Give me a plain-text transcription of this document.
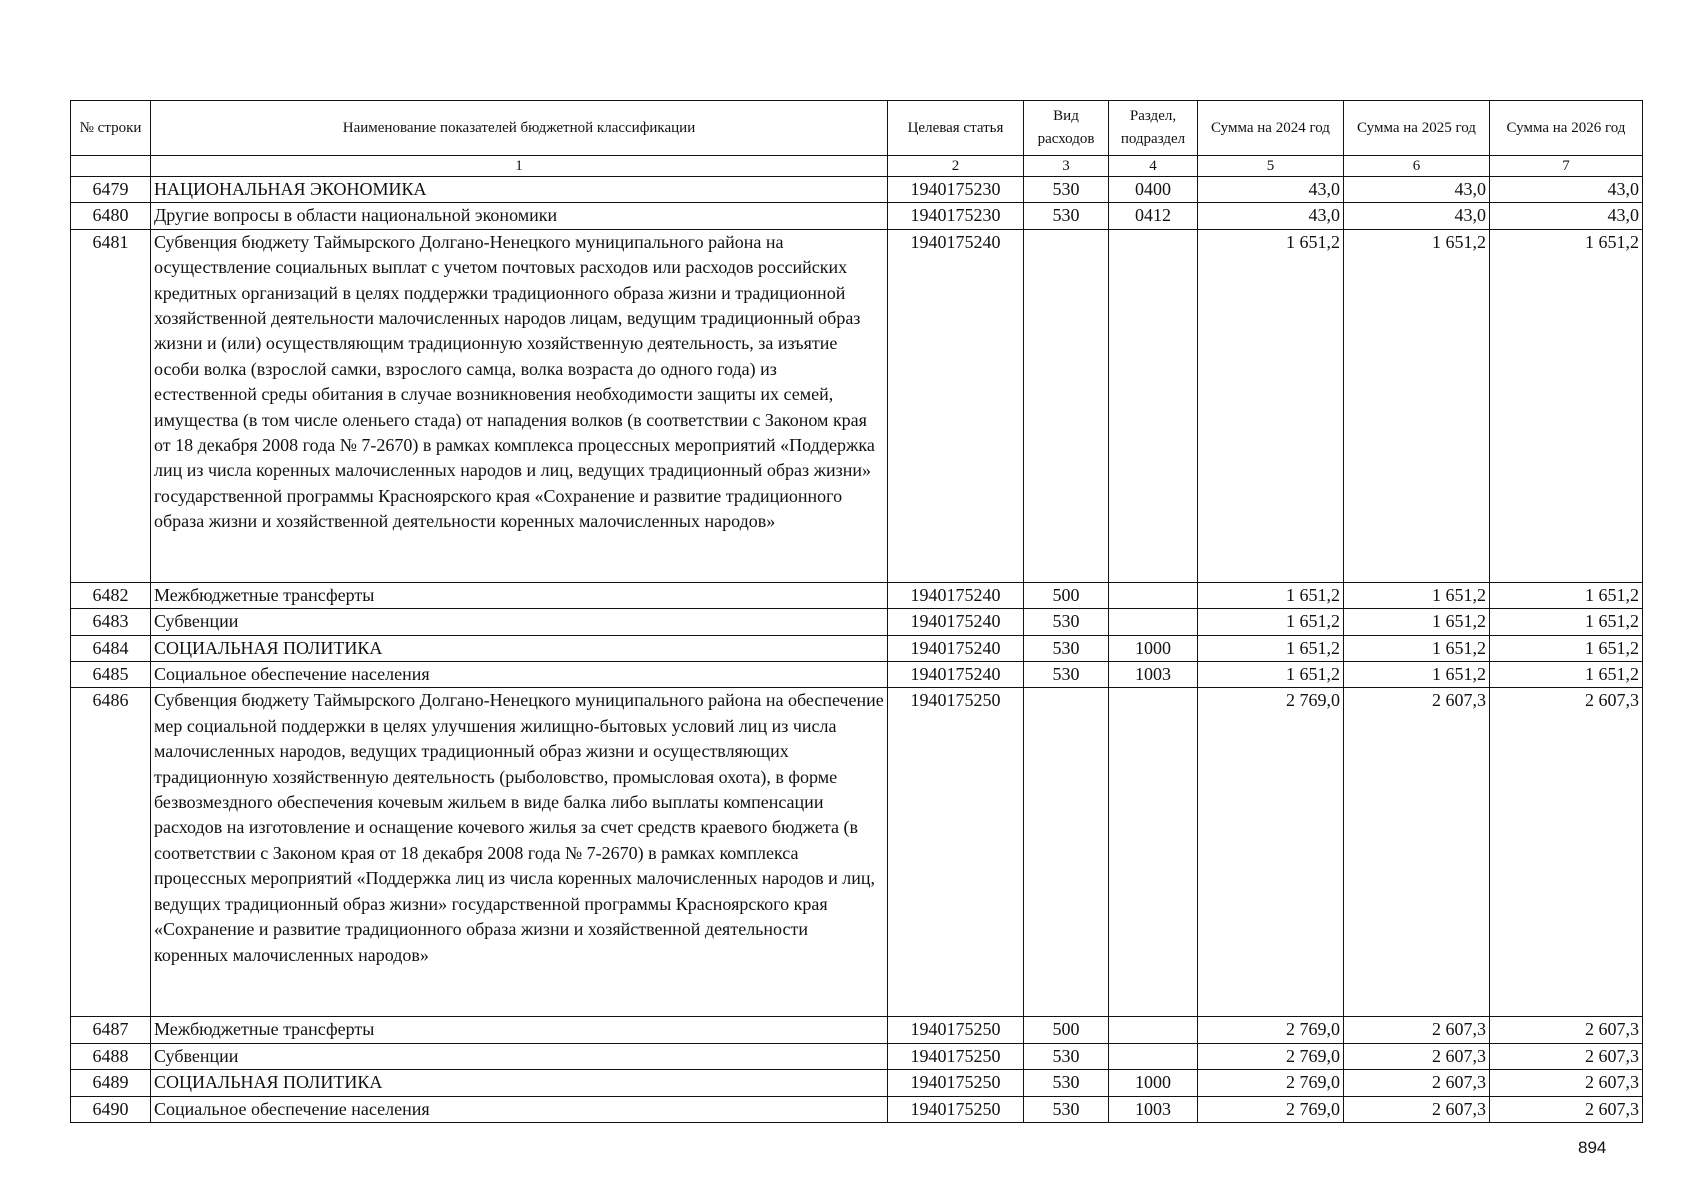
№ строки	Наименование показателей бюджетной классификации	Целевая статья	Вид расходов	Раздел, подраздел	Сумма на 2024 год	Сумма на 2025 год	Сумма на 2026 год
	1	2	3	4	5	6	7
6479	НАЦИОНАЛЬНАЯ ЭКОНОМИКА	1940175230	530	0400	43,0	43,0	43,0
6480	Другие вопросы в области национальной экономики	1940175230	530	0412	43,0	43,0	43,0
6481	Субвенция бюджету Таймырского Долгано-Ненецкого муниципального района на осуществление социальных выплат с учетом почтовых расходов или расходов российских кредитных организаций в целях поддержки традиционного образа жизни и традиционной хозяйственной деятельности малочисленных народов лицам, ведущим традиционный образ жизни и (или) осуществляющим традиционную хозяйственную деятельность, за изъятие особи волка (взрослой самки, взрослого самца, волка возраста до одного года) из естественной среды обитания в случае возникновения необходимости защиты их семей, имущества (в том числе оленьего стада) от нападения волков (в соответствии с Законом края от 18 декабря 2008 года № 7-2670) в рамках комплекса процессных мероприятий «Поддержка лиц из числа коренных малочисленных народов и лиц, ведущих традиционный образ жизни» государственной программы Красноярского края «Сохранение и развитие традиционного образа жизни и хозяйственной деятельности коренных малочисленных народов»	1940175240			1 651,2	1 651,2	1 651,2
6482	Межбюджетные трансферты	1940175240	500		1 651,2	1 651,2	1 651,2
6483	Субвенции	1940175240	530		1 651,2	1 651,2	1 651,2
6484	СОЦИАЛЬНАЯ ПОЛИТИКА	1940175240	530	1000	1 651,2	1 651,2	1 651,2
6485	Социальное обеспечение населения	1940175240	530	1003	1 651,2	1 651,2	1 651,2
6486	Субвенция бюджету Таймырского Долгано-Ненецкого муниципального района на обеспечение мер социальной поддержки в целях улучшения жилищно-бытовых условий лиц из числа малочисленных народов, ведущих традиционный образ жизни и осуществляющих традиционную хозяйственную деятельность (рыболовство, промысловая охота), в форме безвозмездного обеспечения кочевым жильем в виде балка либо выплаты компенсации расходов на изготовление и оснащение кочевого жилья за счет средств краевого бюджета (в соответствии с Законом края от 18 декабря 2008 года № 7-2670) в рамках комплекса процессных мероприятий «Поддержка лиц из числа коренных малочисленных народов и лиц, ведущих традиционный образ жизни» государственной программы Красноярского края «Сохранение и развитие традиционного образа жизни и хозяйственной деятельности коренных малочисленных народов»	1940175250			2 769,0	2 607,3	2 607,3
6487	Межбюджетные трансферты	1940175250	500		2 769,0	2 607,3	2 607,3
6488	Субвенции	1940175250	530		2 769,0	2 607,3	2 607,3
6489	СОЦИАЛЬНАЯ ПОЛИТИКА	1940175250	530	1000	2 769,0	2 607,3	2 607,3
6490	Социальное обеспечение населения	1940175250	530	1003	2 769,0	2 607,3	2 607,3
894
